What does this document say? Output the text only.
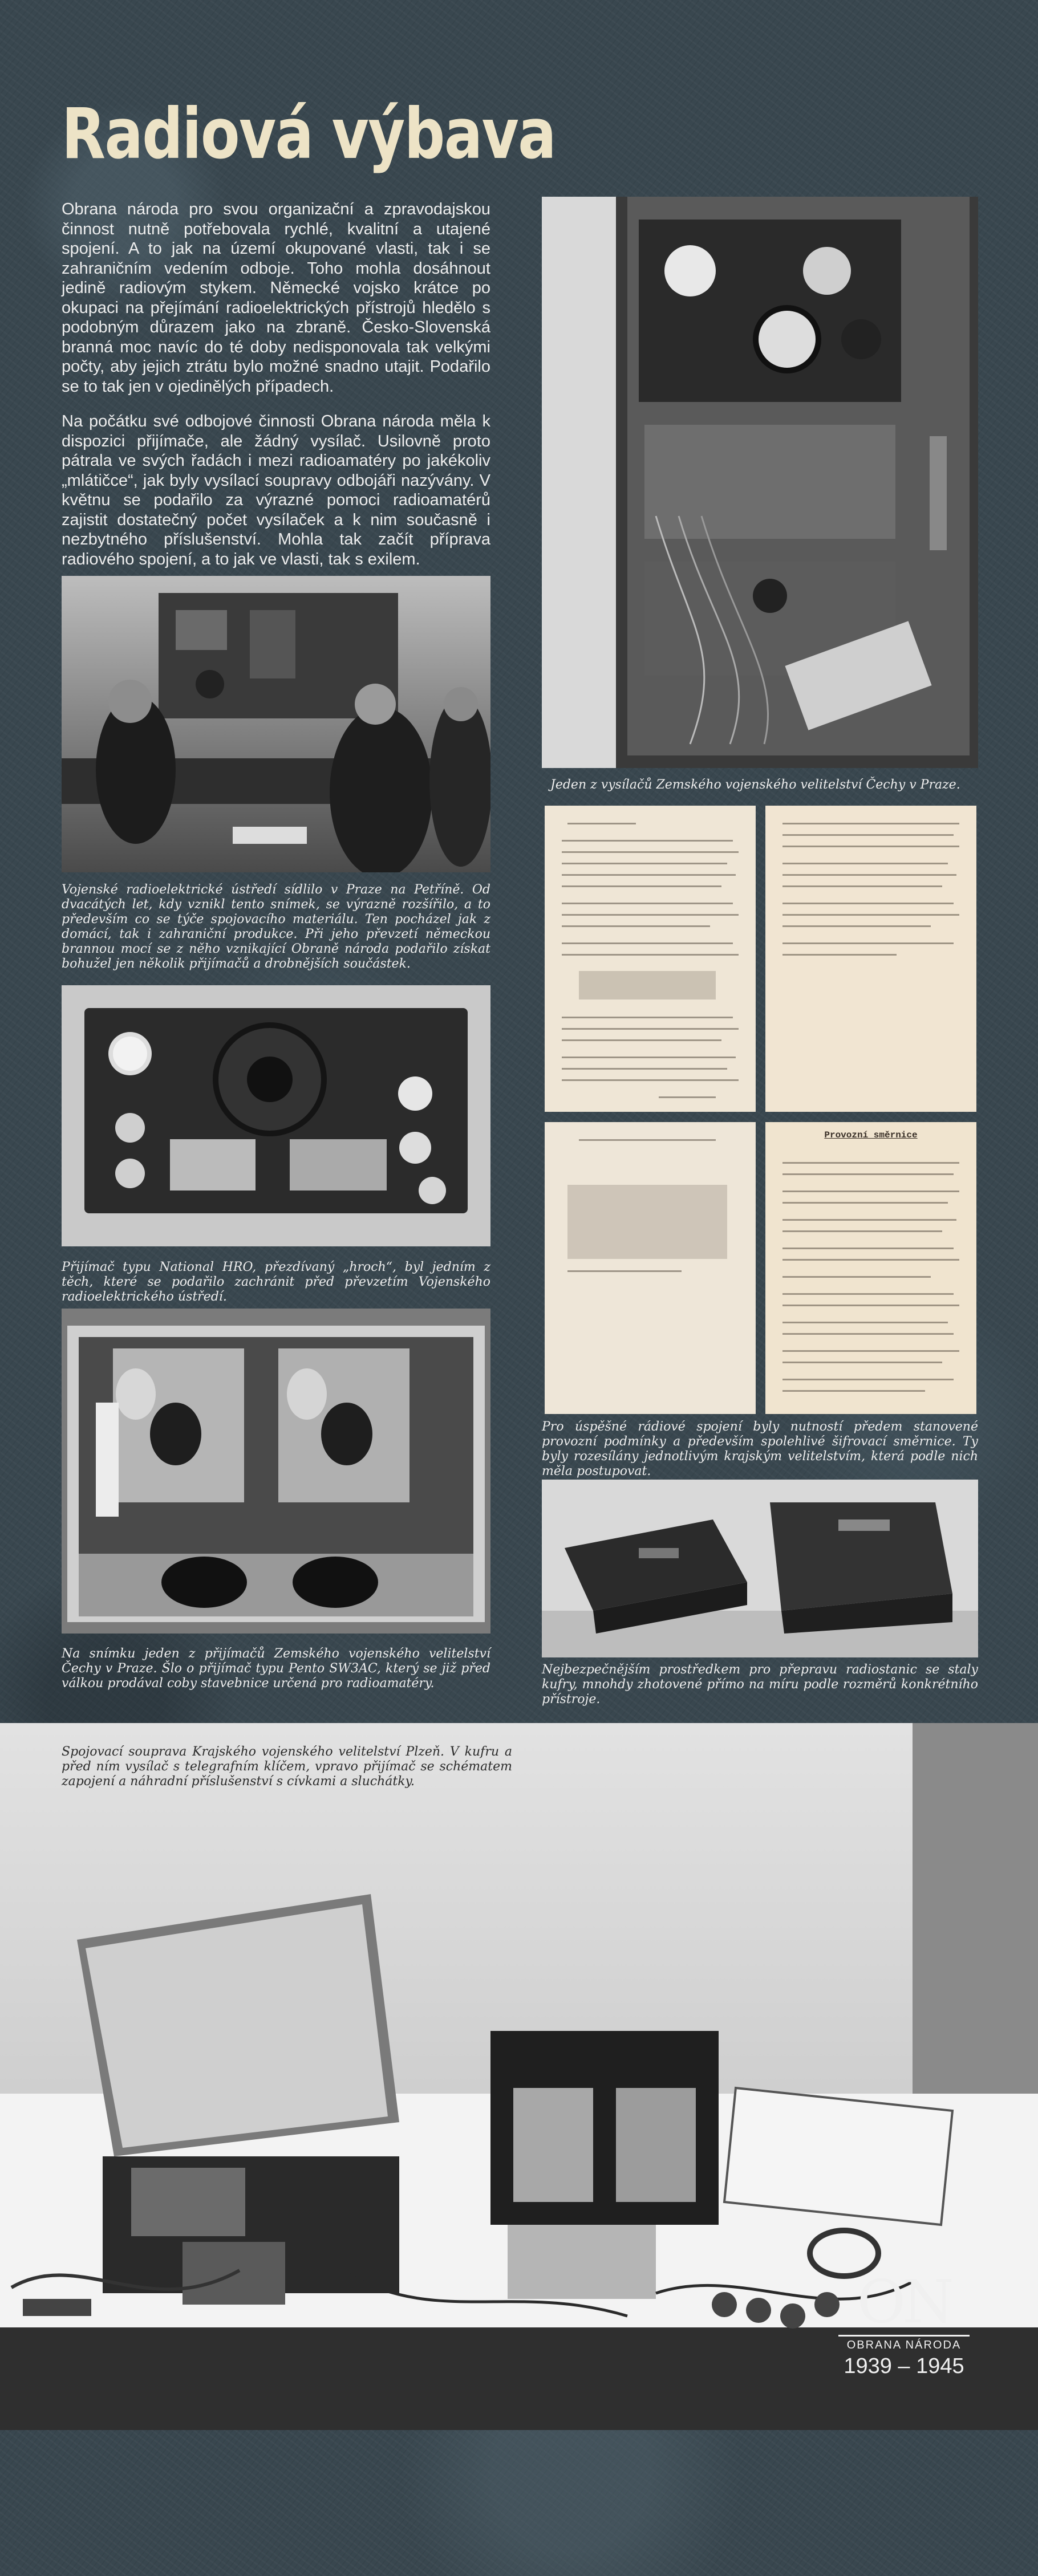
Radiová výbava

Obrana národa pro svou organizační a zpravodajskou činnost nutně potřebovala rychlé, kvalitní a utajené spojení. A to jak na území okupované vlasti, tak i se zahraničním vedením odboje. Toho mohla dosáhnout jedině radiovým stykem. Německé vojsko krátce po okupaci na přejímání radioelektrických přístrojů hledělo s podobným důrazem jako na zbraně. Česko-Slovenská branná moc navíc do té doby nedisponovala tak velkými počty, aby jejich ztrátu bylo možné snadno utajit. Podařilo se to tak jen v ojedinělých případech.

Na počátku své odbojové činnosti Obrana národa měla k dispozici přijímače, ale žádný vysílač. Usilovně proto pátrala ve svých řadách i mezi radioamatéry po jakékoliv „mlátičce“, jak byly vysílací soupravy odbojáři nazývány. V květnu se podařilo za výrazné pomoci radioamatérů zajistit dostatečný počet vysílaček a k nim současně i nezbytného příslušenství. Mohla tak začít příprava radiového spojení, a to jak ve vlasti, tak s exilem.

Vojenské radioelektrické ústředí sídlilo v Praze na Petříně. Od dvacátých let, kdy vznikl tento snímek, se výrazně rozšířilo, a to především co se týče spojovacího materiálu. Ten pocházel jak z domácí, tak i zahraniční produkce. Při jeho převzetí německou brannou mocí se z něho vznikající Obraně národa podařilo získat bohužel jen několik přijímačů a drobnějších součástek.

Přijímač typu National HRO, přezdívaný „hroch“, byl jedním z těch, které se podařilo zachránit před převzetím Vojenského radioelektrického ústředí.

Na snímku jeden z přijímačů Zemského vojenského velitelství Čechy v Praze. Šlo o přijímač typu Pento SW3AC, který se již před válkou prodával coby stavebnice určená pro radioamatéry.

Jeden z vysílačů Zemského vojenského velitelství Čechy v Praze.

Provozní směrnice

Pro úspěšné rádiové spojení byly nutností předem stanovené provozní podmínky a především spolehlivé šifrovací směrnice. Ty byly rozesílány jednotlivým krajským velitelstvím, která podle nich měla postupovat.

Nejbezpečnějším prostředkem pro přepravu radiostanic se staly kufry, mnohdy zhotovené přímo na míru podle rozměrů konkrétního přístroje.

Spojovací souprava Krajského vojenského velitelství Plzeň. V kufru a před ním vysílač s telegrafním klíčem, vpravo přijímač se schématem zapojení a náhradní příslušenství s cívkami a sluchátky.

ON
OBRANA NÁRODA
1939 – 1945
